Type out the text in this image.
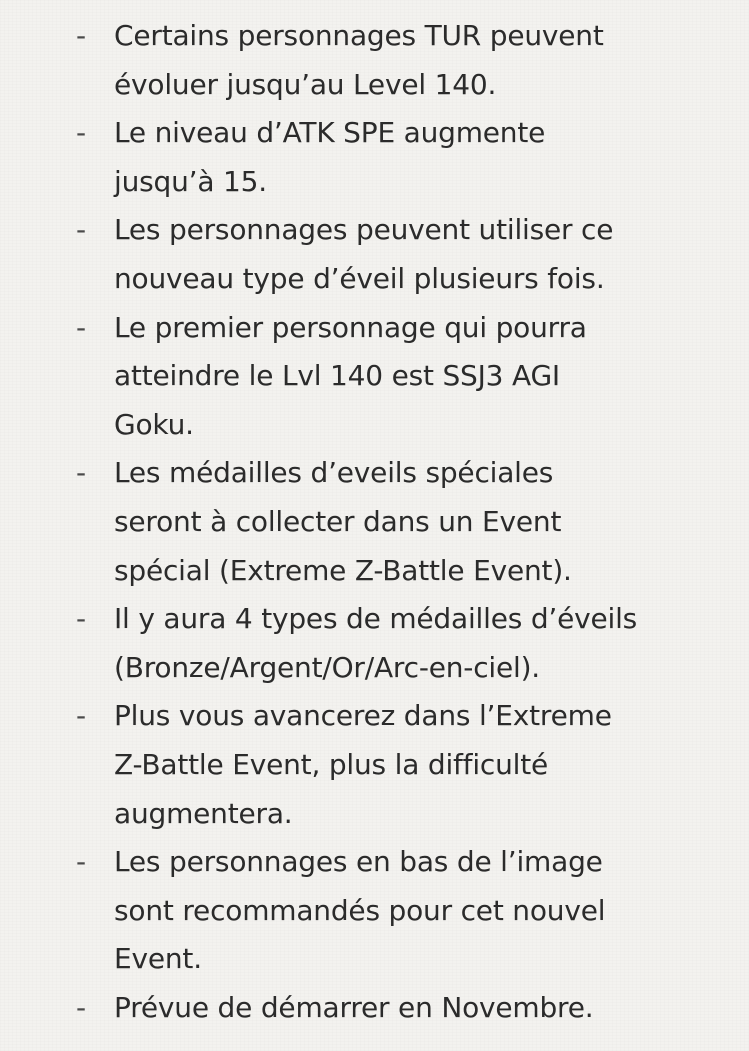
-	Certains personnages TUR peuvent
évoluer jusqu’au Level 140.
-	Le niveau d’ATK SPE augmente
jusqu’à 15.
-	Les personnages peuvent utiliser ce
nouveau type d’éveil plusieurs fois.
-	Le premier personnage qui pourra
atteindre le Lvl 140 est SSJ3 AGI
Goku.
-	Les médailles d’eveils spéciales
seront à collecter dans un Event
spécial (Extreme Z-Battle Event).
-	Il y aura 4 types de médailles d’éveils
(Bronze/Argent/Or/Arc-en-ciel).
-	Plus vous avancerez dans l’Extreme
Z-Battle Event, plus la difficulté
augmentera.
-	Les personnages en bas de l’image
sont recommandés pour cet nouvel
Event.
-	Prévue de démarrer en Novembre.
